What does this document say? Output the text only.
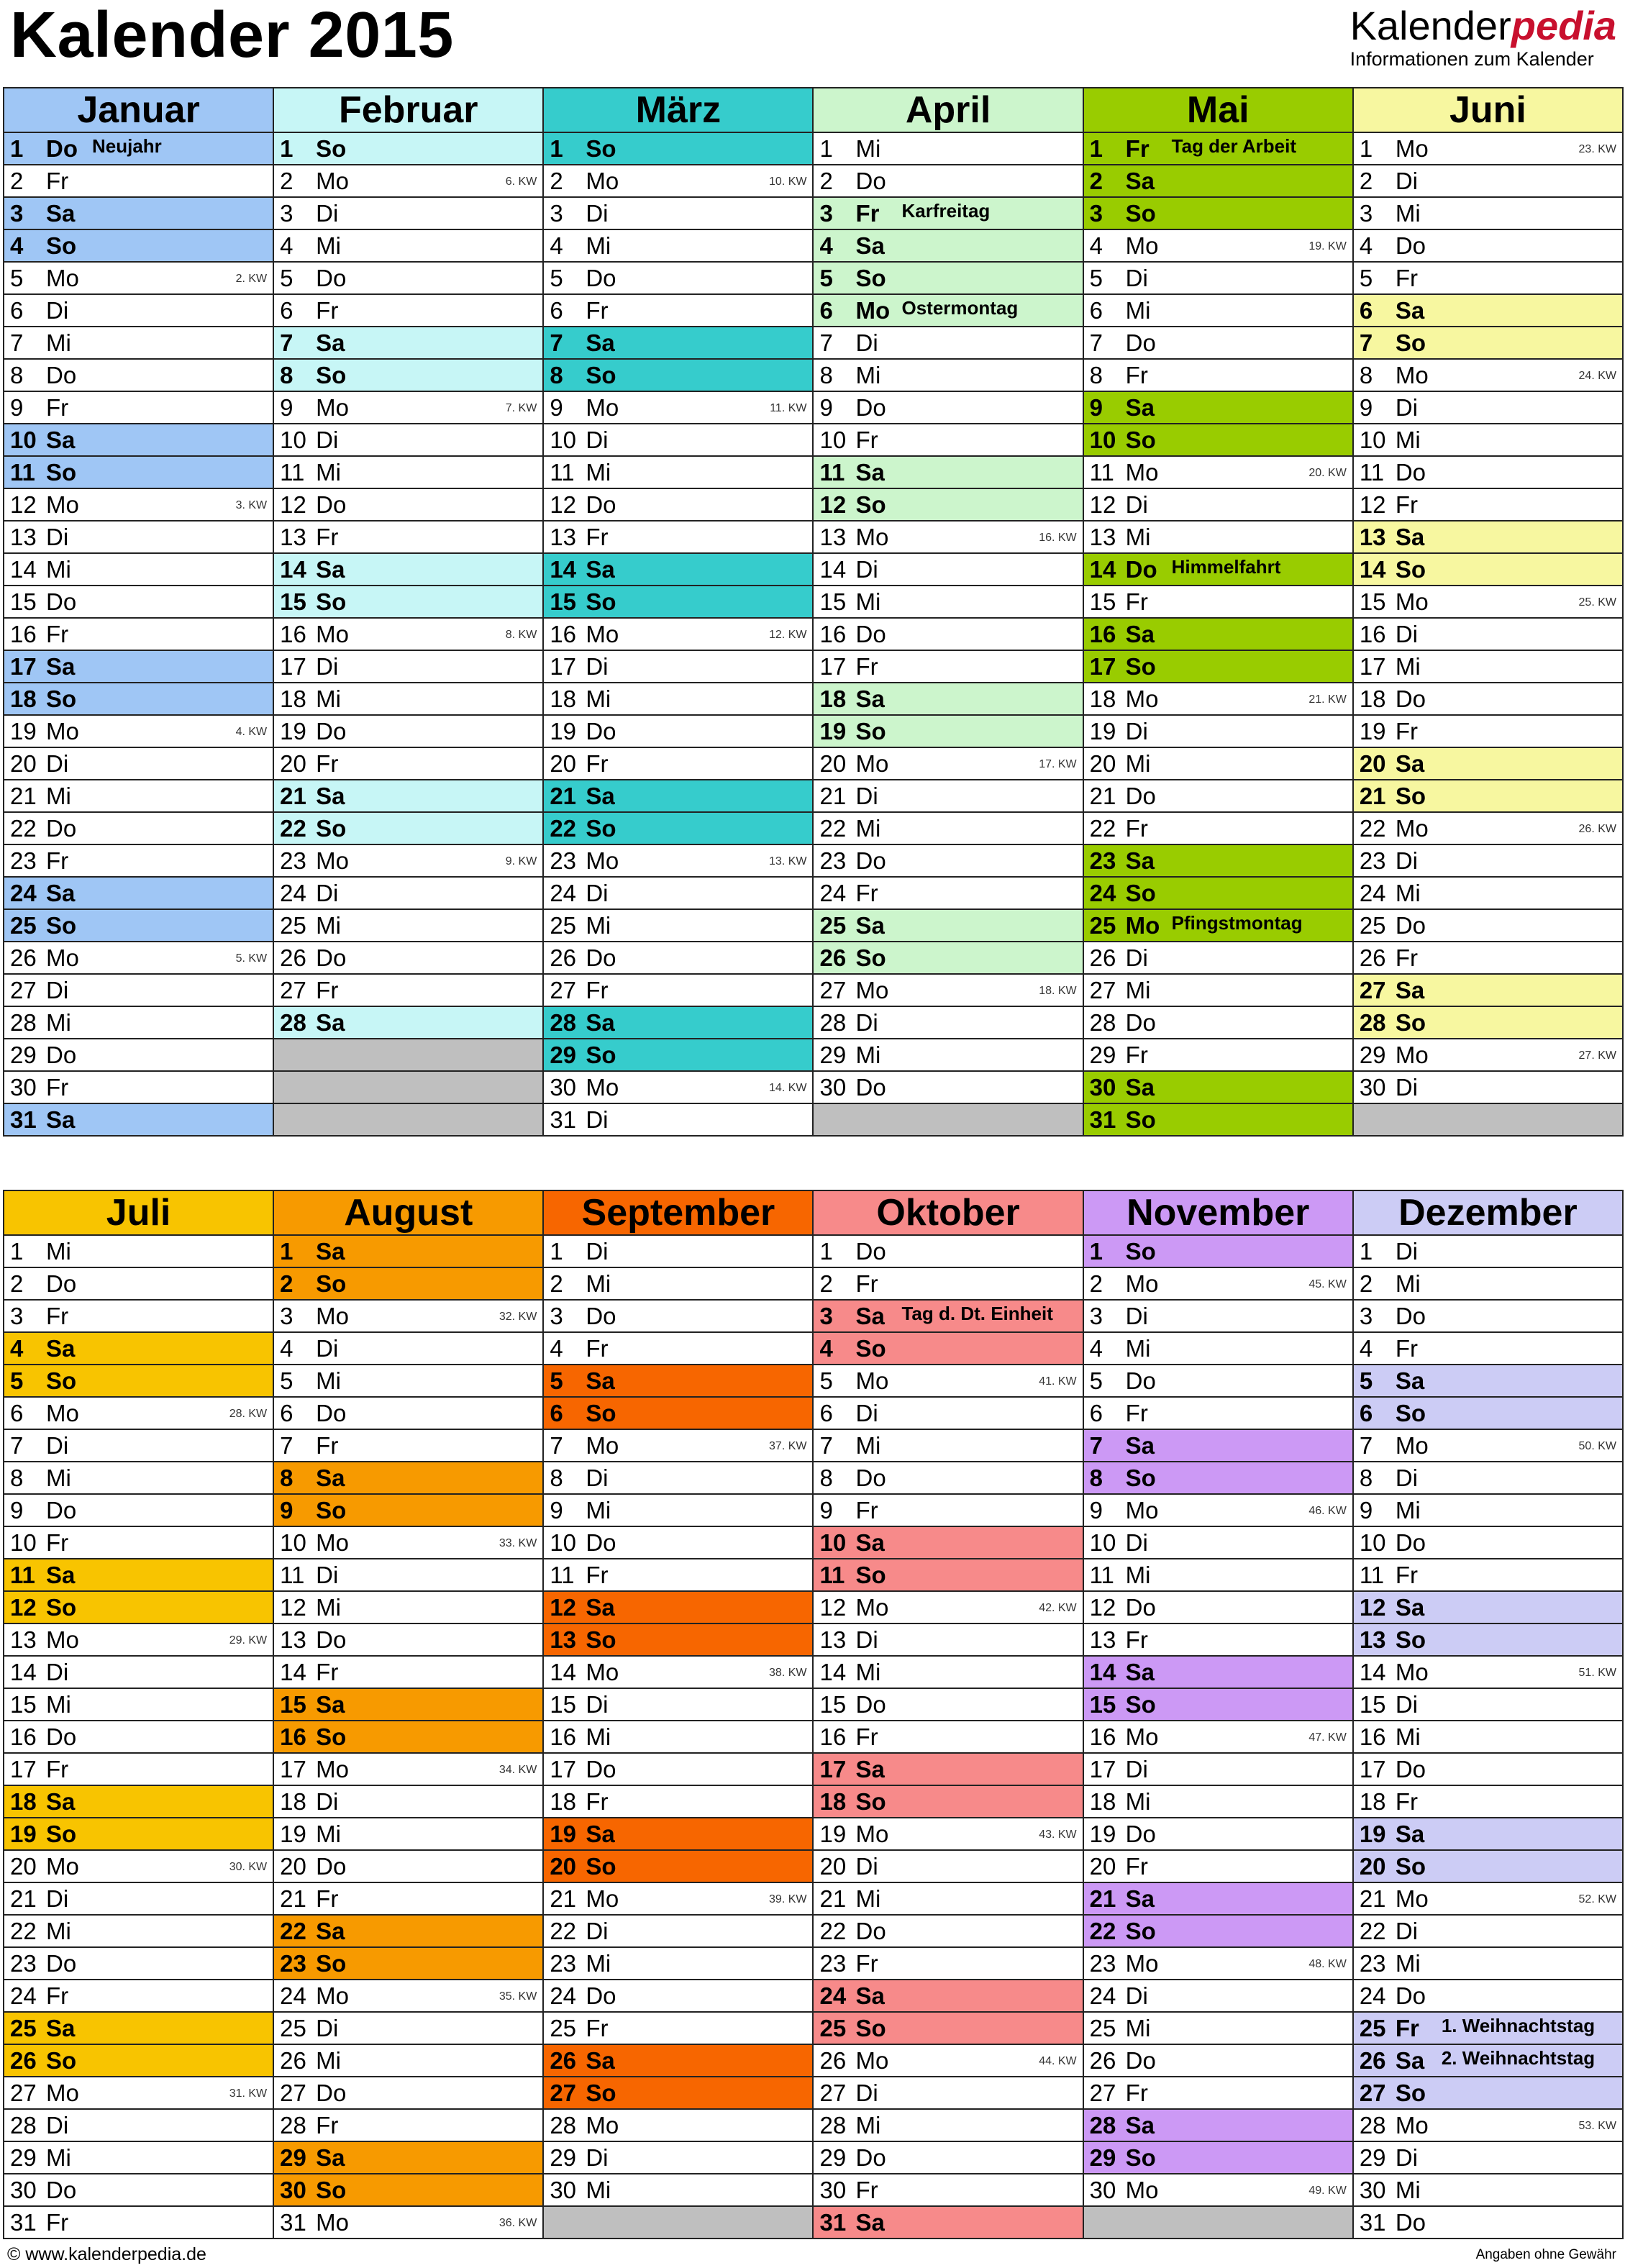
Kalender 2015	Kalenderpedia
Informationen zum Kalender
Januar
1 Do Neujahr
2 Fr
3 Sa
4 So
5 Mo	2. KW
6 Di
7 Mi
8 Do
9 Fr
10 Sa
11 So
12 Mo	3. KW
13 Di
14 Mi
15 Do
16 Fr
17 Sa
18 So
19 Mo	4. KW
20 Di
21 Mi
22 Do
23 Fr
24 Sa
25 So
26 Mo	5. KW
27 Di
28 Mi
29 Do
30 Fr
31 Sa
Februar
1 So
2 Mo	6. KW
3 Di
4 Mi
5 Do
6 Fr
7 Sa
8 So
9 Mo	7. KW
10 Di
11 Mi
12 Do
13 Fr
14 Sa
15 So
16 Mo	8. KW
17 Di
18 Mi
19 Do
20 Fr
21 Sa
22 So
23 Mo	9. KW
24 Di
25 Mi
26 Do
27 Fr
28 Sa
März
1 So
2 Mo	10. KW
3 Di
4 Mi
5 Do
6 Fr
7 Sa
8 So
9 Mo	11. KW
10 Di
11 Mi
12 Do
13 Fr
14 Sa
15 So
16 Mo	12. KW
17 Di
18 Mi
19 Do
20 Fr
21 Sa
22 So
23 Mo	13. KW
24 Di
25 Mi
26 Do
27 Fr
28 Sa
29 So
30 Mo	14. KW
31 Di
April
1 Mi
2 Do
3 Fr Karfreitag
4 Sa
5 So
6 Mo Ostermontag
7 Di
8 Mi
9 Do
10 Fr
11 Sa
12 So
13 Mo	16. KW
14 Di
15 Mi
16 Do
17 Fr
18 Sa
19 So
20 Mo	17. KW
21 Di
22 Mi
23 Do
24 Fr
25 Sa
26 So
27 Mo	18. KW
28 Di
29 Mi
30 Do
Mai
1 Fr Tag der Arbeit
2 Sa
3 So
4 Mo	19. KW
5 Di
6 Mi
7 Do
8 Fr
9 Sa
10 So
11 Mo	20. KW
12 Di
13 Mi
14 Do Himmelfahrt
15 Fr
16 Sa
17 So
18 Mo	21. KW
19 Di
20 Mi
21 Do
22 Fr
23 Sa
24 So
25 Mo Pfingstmontag
26 Di
27 Mi
28 Do
29 Fr
30 Sa
31 So
Juni
1 Mo	23. KW
2 Di
3 Mi
4 Do
5 Fr
6 Sa
7 So
8 Mo	24. KW
9 Di
10 Mi
11 Do
12 Fr
13 Sa
14 So
15 Mo	25. KW
16 Di
17 Mi
18 Do
19 Fr
20 Sa
21 So
22 Mo	26. KW
23 Di
24 Mi
25 Do
26 Fr
27 Sa
28 So
29 Mo	27. KW
30 Di
Juli
1 Mi
2 Do
3 Fr
4 Sa
5 So
6 Mo	28. KW
7 Di
8 Mi
9 Do
10 Fr
11 Sa
12 So
13 Mo	29. KW
14 Di
15 Mi
16 Do
17 Fr
18 Sa
19 So
20 Mo	30. KW
21 Di
22 Mi
23 Do
24 Fr
25 Sa
26 So
27 Mo	31. KW
28 Di
29 Mi
30 Do
31 Fr
August
1 Sa
2 So
3 Mo	32. KW
4 Di
5 Mi
6 Do
7 Fr
8 Sa
9 So
10 Mo	33. KW
11 Di
12 Mi
13 Do
14 Fr
15 Sa
16 So
17 Mo	34. KW
18 Di
19 Mi
20 Do
21 Fr
22 Sa
23 So
24 Mo	35. KW
25 Di
26 Mi
27 Do
28 Fr
29 Sa
30 So
31 Mo	36. KW
September
1 Di
2 Mi
3 Do
4 Fr
5 Sa
6 So
7 Mo	37. KW
8 Di
9 Mi
10 Do
11 Fr
12 Sa
13 So
14 Mo	38. KW
15 Di
16 Mi
17 Do
18 Fr
19 Sa
20 So
21 Mo	39. KW
22 Di
23 Mi
24 Do
25 Fr
26 Sa
27 So
28 Mo
29 Di
30 Mi
Oktober
1 Do
2 Fr
3 Sa Tag d. Dt. Einheit
4 So
5 Mo	41. KW
6 Di
7 Mi
8 Do
9 Fr
10 Sa
11 So
12 Mo	42. KW
13 Di
14 Mi
15 Do
16 Fr
17 Sa
18 So
19 Mo	43. KW
20 Di
21 Mi
22 Do
23 Fr
24 Sa
25 So
26 Mo	44. KW
27 Di
28 Mi
29 Do
30 Fr
31 Sa
November
1 So
2 Mo	45. KW
3 Di
4 Mi
5 Do
6 Fr
7 Sa
8 So
9 Mo	46. KW
10 Di
11 Mi
12 Do
13 Fr
14 Sa
15 So
16 Mo	47. KW
17 Di
18 Mi
19 Do
20 Fr
21 Sa
22 So
23 Mo	48. KW
24 Di
25 Mi
26 Do
27 Fr
28 Sa
29 So
30 Mo	49. KW
Dezember
1 Di
2 Mi
3 Do
4 Fr
5 Sa
6 So
7 Mo	50. KW
8 Di
9 Mi
10 Do
11 Fr
12 Sa
13 So
14 Mo	51. KW
15 Di
16 Mi
17 Do
18 Fr
19 Sa
20 So
21 Mo	52. KW
22 Di
23 Mi
24 Do
25 Fr 1. Weihnachtstag
26 Sa 2. Weihnachtstag
27 So
28 Mo	53. KW
29 Di
30 Mi
31 Do
© www.kalenderpedia.de	Angaben ohne Gewähr
